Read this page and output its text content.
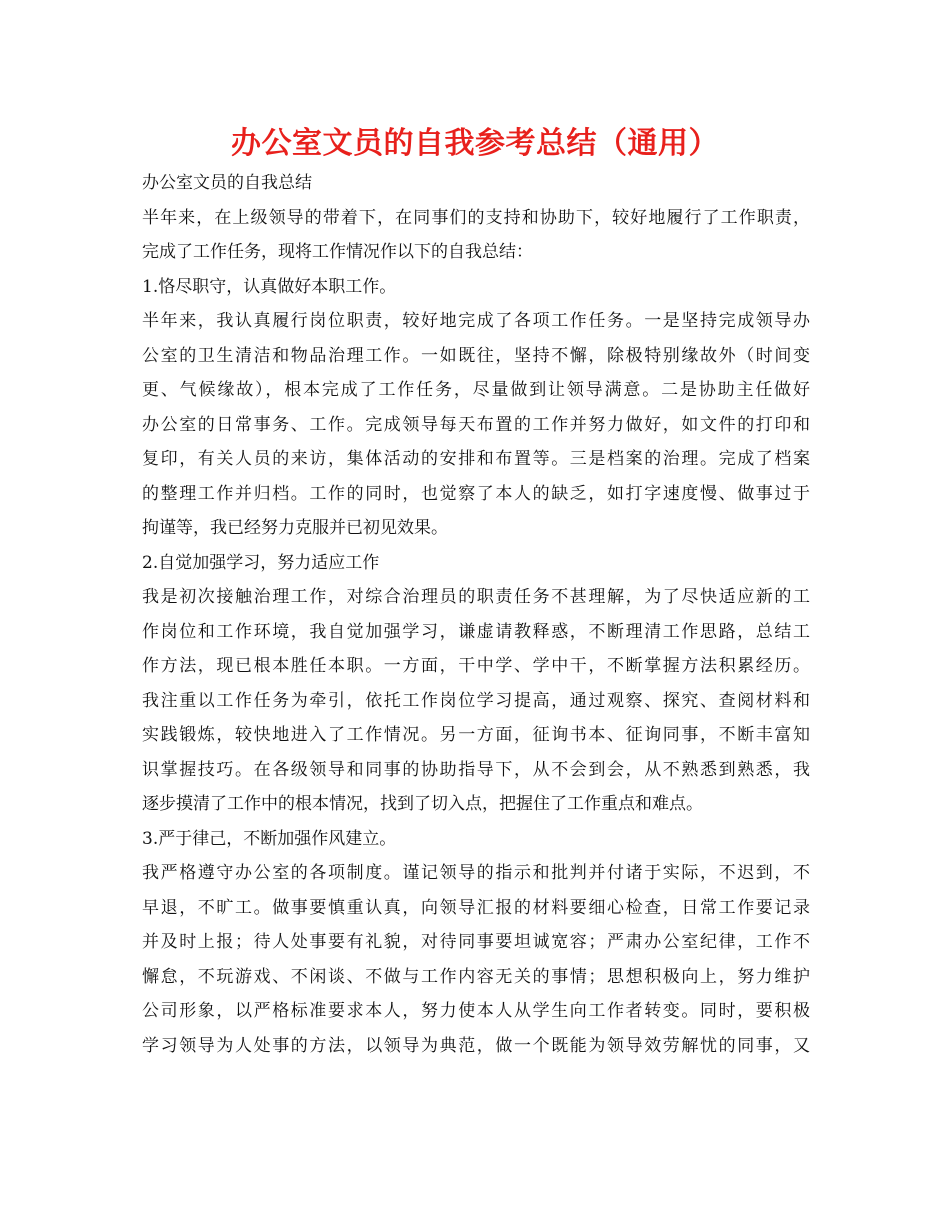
办公室文员的自我参考总结（通用）
办公室文员的自我总结
半年来，在上级领导的带着下，在同事们的支持和协助下，较好地履行了工作职责，
完成了工作任务，现将工作情况作以下的自我总结：
1.恪尽职守，认真做好本职工作。
半年来，我认真履行岗位职责，较好地完成了各项工作任务。一是坚持完成领导办
公室的卫生清洁和物品治理工作。一如既往，坚持不懈，除极特别缘故外（时间变
更、气候缘故），根本完成了工作任务，尽量做到让领导满意。二是协助主任做好
办公室的日常事务、工作。完成领导每天布置的工作并努力做好，如文件的打印和
复印，有关人员的来访，集体活动的安排和布置等。三是档案的治理。完成了档案
的整理工作并归档。工作的同时，也觉察了本人的缺乏，如打字速度慢、做事过于
拘谨等，我已经努力克服并已初见效果。
2.自觉加强学习，努力适应工作
我是初次接触治理工作，对综合治理员的职责任务不甚理解，为了尽快适应新的工
作岗位和工作环境，我自觉加强学习，谦虚请教释惑，不断理清工作思路，总结工
作方法，现已根本胜任本职。一方面，干中学、学中干，不断掌握方法积累经历。
我注重以工作任务为牵引，依托工作岗位学习提高，通过观察、探究、查阅材料和
实践锻炼，较快地进入了工作情况。另一方面，征询书本、征询同事，不断丰富知
识掌握技巧。在各级领导和同事的协助指导下，从不会到会，从不熟悉到熟悉，我
逐步摸清了工作中的根本情况，找到了切入点，把握住了工作重点和难点。
3.严于律己，不断加强作风建立。
我严格遵守办公室的各项制度。谨记领导的指示和批判并付诸于实际，不迟到，不
早退，不旷工。做事要慎重认真，向领导汇报的材料要细心检查，日常工作要记录
并及时上报；待人处事要有礼貌，对待同事要坦诚宽容；严肃办公室纪律，工作不
懈怠，不玩游戏、不闲谈、不做与工作内容无关的事情；思想积极向上，努力维护
公司形象，以严格标准要求本人，努力使本人从学生向工作者转变。同时，要积极
学习领导为人处事的方法，以领导为典范，做一个既能为领导效劳解忧的同事，又
